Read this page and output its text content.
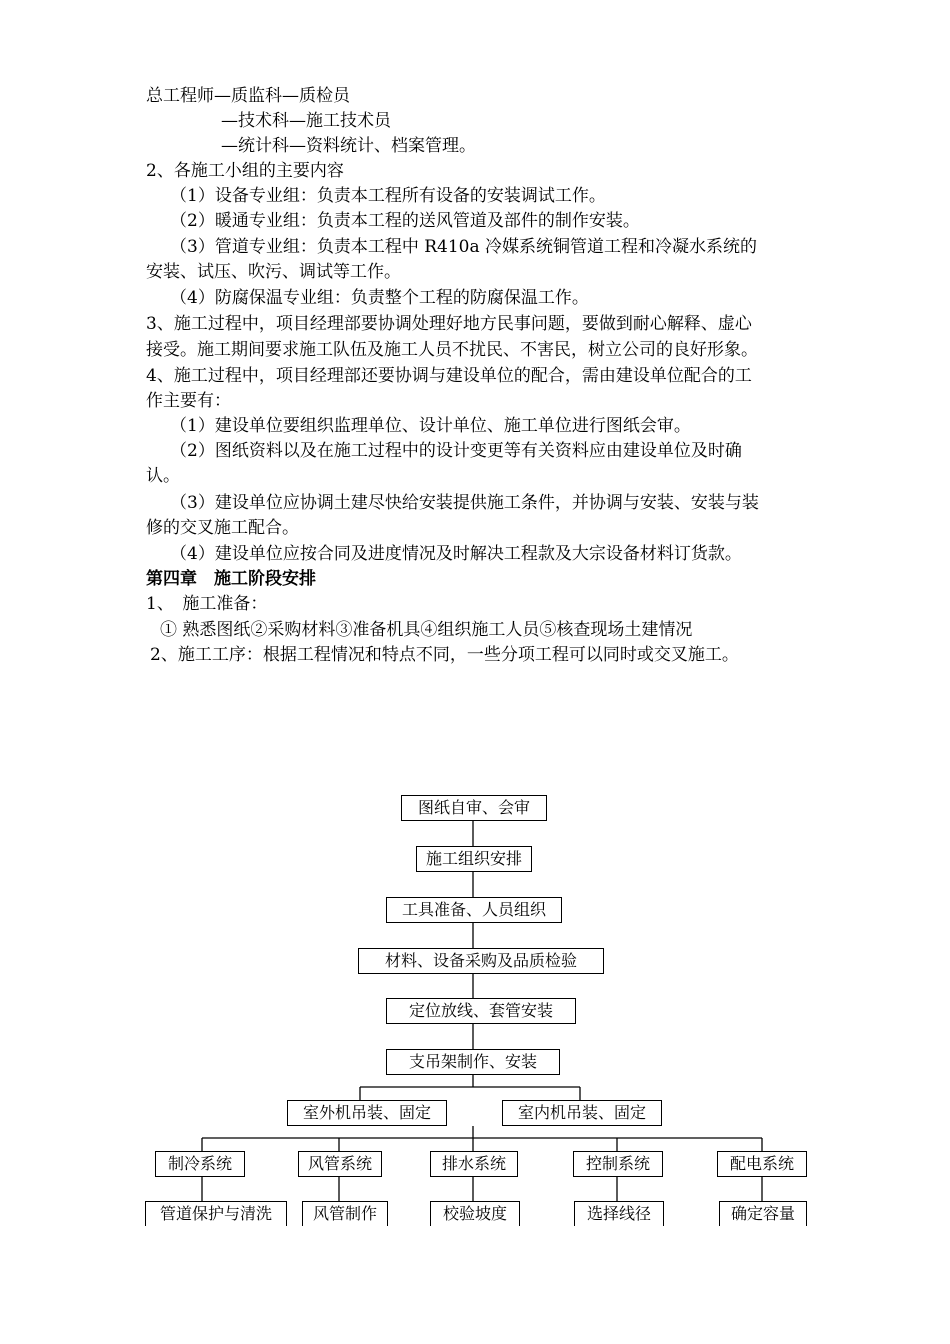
总工程师—质监科—质检员
—技术科—施工技术员
—统计科—资料统计、档案管理。
2、各施工小组的主要内容
（1）设备专业组：负责本工程所有设备的安装调试工作。
（2）暖通专业组：负责本工程的送风管道及部件的制作安装。
（3）管道专业组：负责本工程中 R410a 冷媒系统铜管道工程和冷凝水系统的
安装、试压、吹污、调试等工作。
（4）防腐保温专业组：负责整个工程的防腐保温工作。
3、施工过程中，项目经理部要协调处理好地方民事问题，要做到耐心解释、虚心
接受。施工期间要求施工队伍及施工人员不扰民、不害民，树立公司的良好形象。
4、施工过程中，项目经理部还要协调与建设单位的配合，需由建设单位配合的工
作主要有：
（1）建设单位要组织监理单位、设计单位、施工单位进行图纸会审。
（2）图纸资料以及在施工过程中的设计变更等有关资料应由建设单位及时确
认。
（3）建设单位应协调土建尽快给安装提供施工条件，并协调与安装、安装与装
修的交叉施工配合。
（4）建设单位应按合同及进度情况及时解决工程款及大宗设备材料订货款。
第四章　施工阶段安排
1、　施工准备：
① 熟悉图纸②采购材料③准备机具④组织施工人员⑤核查现场土建情况
2、施工工序：根据工程情况和特点不同，一些分项工程可以同时或交叉施工。
图纸自审、会审
施工组织安排
工具准备、人员组织
材料、设备采购及品质检验
定位放线、套管安装
支吊架制作、安装
室外机吊装、固定	室内机吊装、固定
制冷系统	风管系统	排水系统	控制系统	配电系统
管道保护与清洗	风管制作	校验坡度	选择线径	确定容量
